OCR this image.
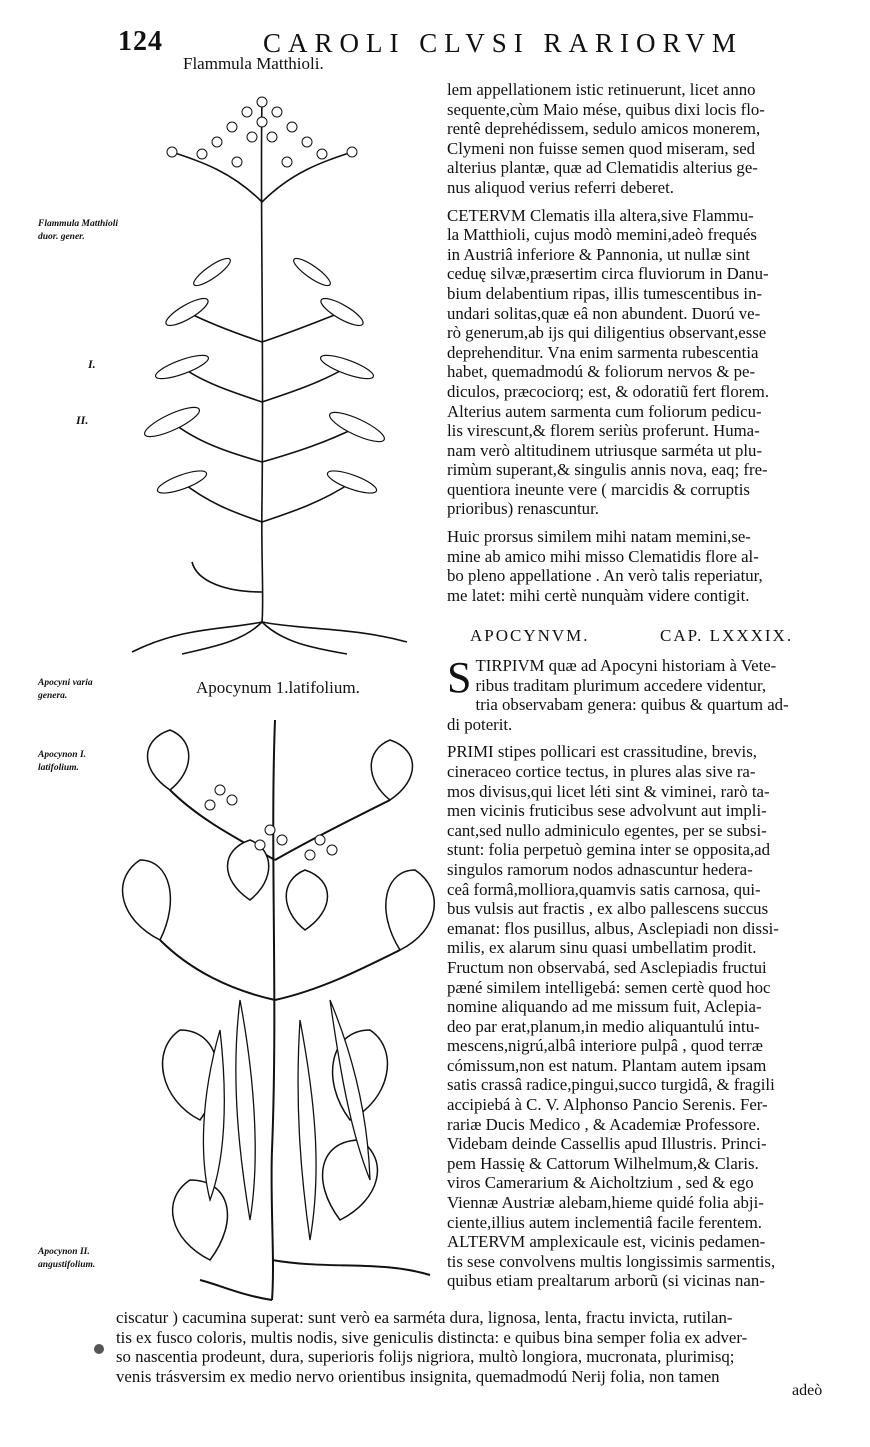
124	CAROLI CLVSI RARIORVM
Flammula Matthioli.
Apocynum 1.latifolium.
Flammula Matthioli duor. gener.
I.
II.
Apocyni varia genera.
Apocynon I. latifolium.
Apocynon II. angustifolium.

lem appellationem istic retinuerunt, licet anno
sequente,cùm Maio mése, quibus dixi locis flo-
rentê deprehédissem, sedulo amicos monerem,
Clymeni non fuisse semen quod miseram, sed
alterius plantæ, quæ ad Clematidis alterius ge-
nus aliquod verius referri deberet.

CETERVM Clematis illa altera,sive Flammu-
la Matthioli, cujus modò memini,adeò frequés
in Austriâ inferiore & Pannonia, ut nullæ sint
ceduę silvæ,præsertim circa fluviorum in Danu-
bium delabentium ripas, illis tumescentibus in-
undari solitas,quæ eâ non abundent. Duorú ve-
rò generum,ab ijs qui diligentius observant,esse
deprehenditur. Vna enim sarmenta rubescentia
habet, quemadmodú & foliorum nervos & pe-
diculos, præcociorq; est, & odoratiũ fert florem.
Alterius autem sarmenta cum foliorum pedicu-
lis virescunt,& florem seriùs proferunt. Huma-
nam verò altitudinem utriusque sarméta ut plu-
rimùm superant,& singulis annis nova, eaq; fre-
quentiora ineunte vere ( marcidis & corruptis
prioribus) renascuntur.

Huic prorsus similem mihi natam memini,se-
mine ab amico mihi misso Clematidis flore al-
bo pleno appellatione . An verò talis reperiatur,
me latet: mihi certè nunquàm videre contigit.

APOCYNVM.	CAP. LXXXIX.

S TIRPIVM quæ ad Apocyni historiam à Vete-
ribus traditam plurimum accedere videntur,
tria observabam genera: quibus & quartum ad-
di poterit.

PRIMI stipes pollicari est crassitudine, brevis,
cineraceo cortice tectus, in plures alas sive ra-
mos divisus,qui licet léti sint & viminei, rarò ta-
men vicinis fruticibus sese advolvunt aut impli-
cant,sed nullo adminiculo egentes, per se subsi-
stunt: folia perpetuò gemina inter se opposita,ad
singulos ramorum nodos adnascuntur hedera-
ceâ formâ,molliora,quamvis satis carnosa, qui-
bus vulsis aut fractis , ex albo pallescens succus
emanat: flos pusillus, albus, Asclepiadi non dissi-
milis, ex alarum sinu quasi umbellatim prodit.
Fructum non observabá, sed Asclepiadis fructui
pæné similem intelligebá: semen certè quod hoc
nomine aliquando ad me missum fuit, Aclepia-
deo par erat,planum,in medio aliquantulú intu-
mescens,nigrú,albâ interiore pulpâ , quod terræ
cómissum,non est natum. Plantam autem ipsam
satis crassâ radice,pingui,succo turgidâ, & fragili
accipiebá à C. V. Alphonso Pancio Serenis. Fer-
rariæ Ducis Medico , & Academiæ Professore.
Videbam deinde Cassellis apud Illustris. Princi-
pem Hassię & Cattorum Wilhelmum,& Claris.
viros Camerarium & Aicholtzium , sed & ego
Viennæ Austriæ alebam,hieme quidé folia abji-
ciente,illius autem inclementiâ facile ferentem.

ALTERVM amplexicaule est, vicinis pedamen-
tis sese convolvens multis longissimis sarmentis,
quibus etiam prealtarum arborũ (si vicinas nan-

ciscatur ) cacumina superat: sunt verò ea sarméta dura, lignosa, lenta, fractu invicta, rutilan-
tis ex fusco coloris, multis nodis, sive geniculis distincta: e quibus bina semper folia ex adver-
so nascentia prodeunt, dura, superioris folijs nigriora, multò longiora, mucronata, plurimisq;
venis trásversim ex medio nervo orientibus insignita, quemadmodú Nerij folia, non tamen
adeò
